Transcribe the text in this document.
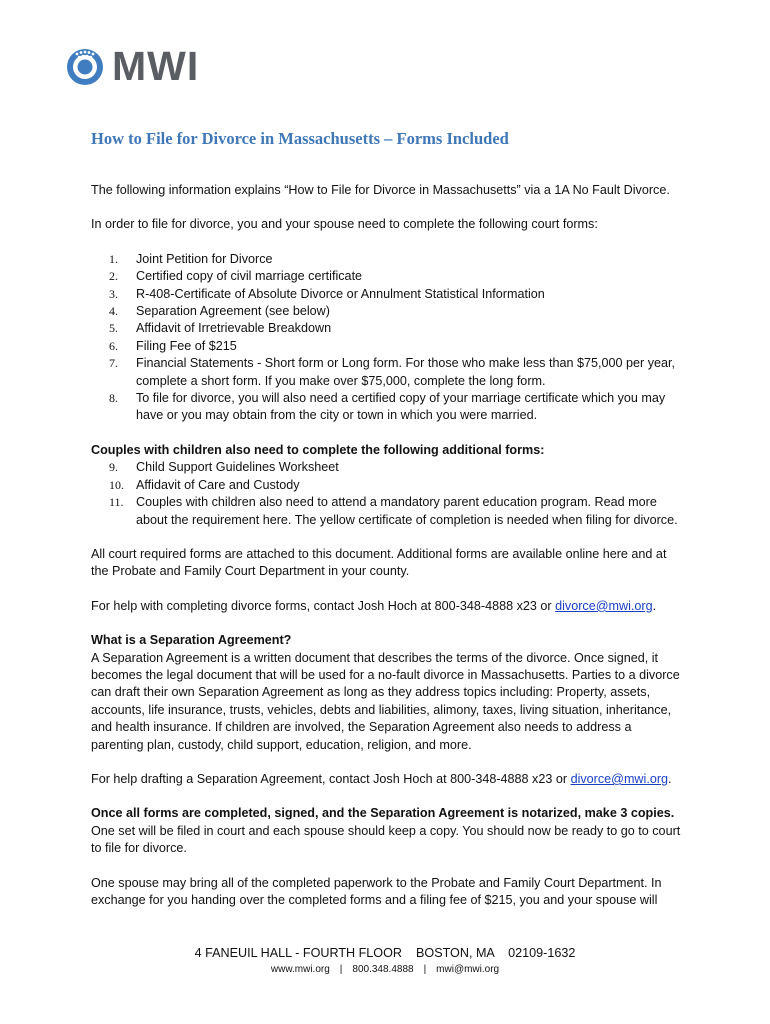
MWI
How to File for Divorce in Massachusetts – Forms Included

The following information explains “How to File for Divorce in Massachusetts” via a 1A No Fault Divorce.

In order to file for divorce, you and your spouse need to complete the following court forms:

1.	Joint Petition for Divorce
2.	Certified copy of civil marriage certificate
3.	R-408-Certificate of Absolute Divorce or Annulment Statistical Information
4.	Separation Agreement (see below)
5.	Affidavit of Irretrievable Breakdown
6.	Filing Fee of $215
7.	Financial Statements - Short form or Long form. For those who make less than $75,000 per year, complete a short form. If you make over $75,000, complete the long form.
8.	To file for divorce, you will also need a certified copy of your marriage certificate which you may have or you may obtain from the city or town in which you were married.
Couples with children also need to complete the following additional forms:
9.	Child Support Guidelines Worksheet
10. Affidavit of Care and Custody
11. Couples with children also need to attend a mandatory parent education program. Read more about the requirement here. The yellow certificate of completion is needed when filing for divorce.

All court required forms are attached to this document. Additional forms are available online here and at the Probate and Family Court Department in your county.

For help with completing divorce forms, contact Josh Hoch at 800-348-4888 x23 or divorce@mwi.org.

What is a Separation Agreement?

A Separation Agreement is a written document that describes the terms of the divorce. Once signed, it becomes the legal document that will be used for a no-fault divorce in Massachusetts. Parties to a divorce can draft their own Separation Agreement as long as they address topics including: Property, assets, accounts, life insurance, trusts, vehicles, debts and liabilities, alimony, taxes, living situation, inheritance, and health insurance. If children are involved, the Separation Agreement also needs to address a parenting plan, custody, child support, education, religion, and more.

For help drafting a Separation Agreement, contact Josh Hoch at 800-348-4888 x23 or divorce@mwi.org.

Once all forms are completed, signed, and the Separation Agreement is notarized, make 3 copies.
One set will be filed in court and each spouse should keep a copy. You should now be ready to go to court to file for divorce.

One spouse may bring all of the completed paperwork to the Probate and Family Court Department. In exchange for you handing over the completed forms and a filing fee of $215, you and your spouse will

4 FANEUIL HALL - FOURTH FLOOR    BOSTON, MA    02109-1632
www.mwi.org | 800.348.4888 | mwi@mwi.org
